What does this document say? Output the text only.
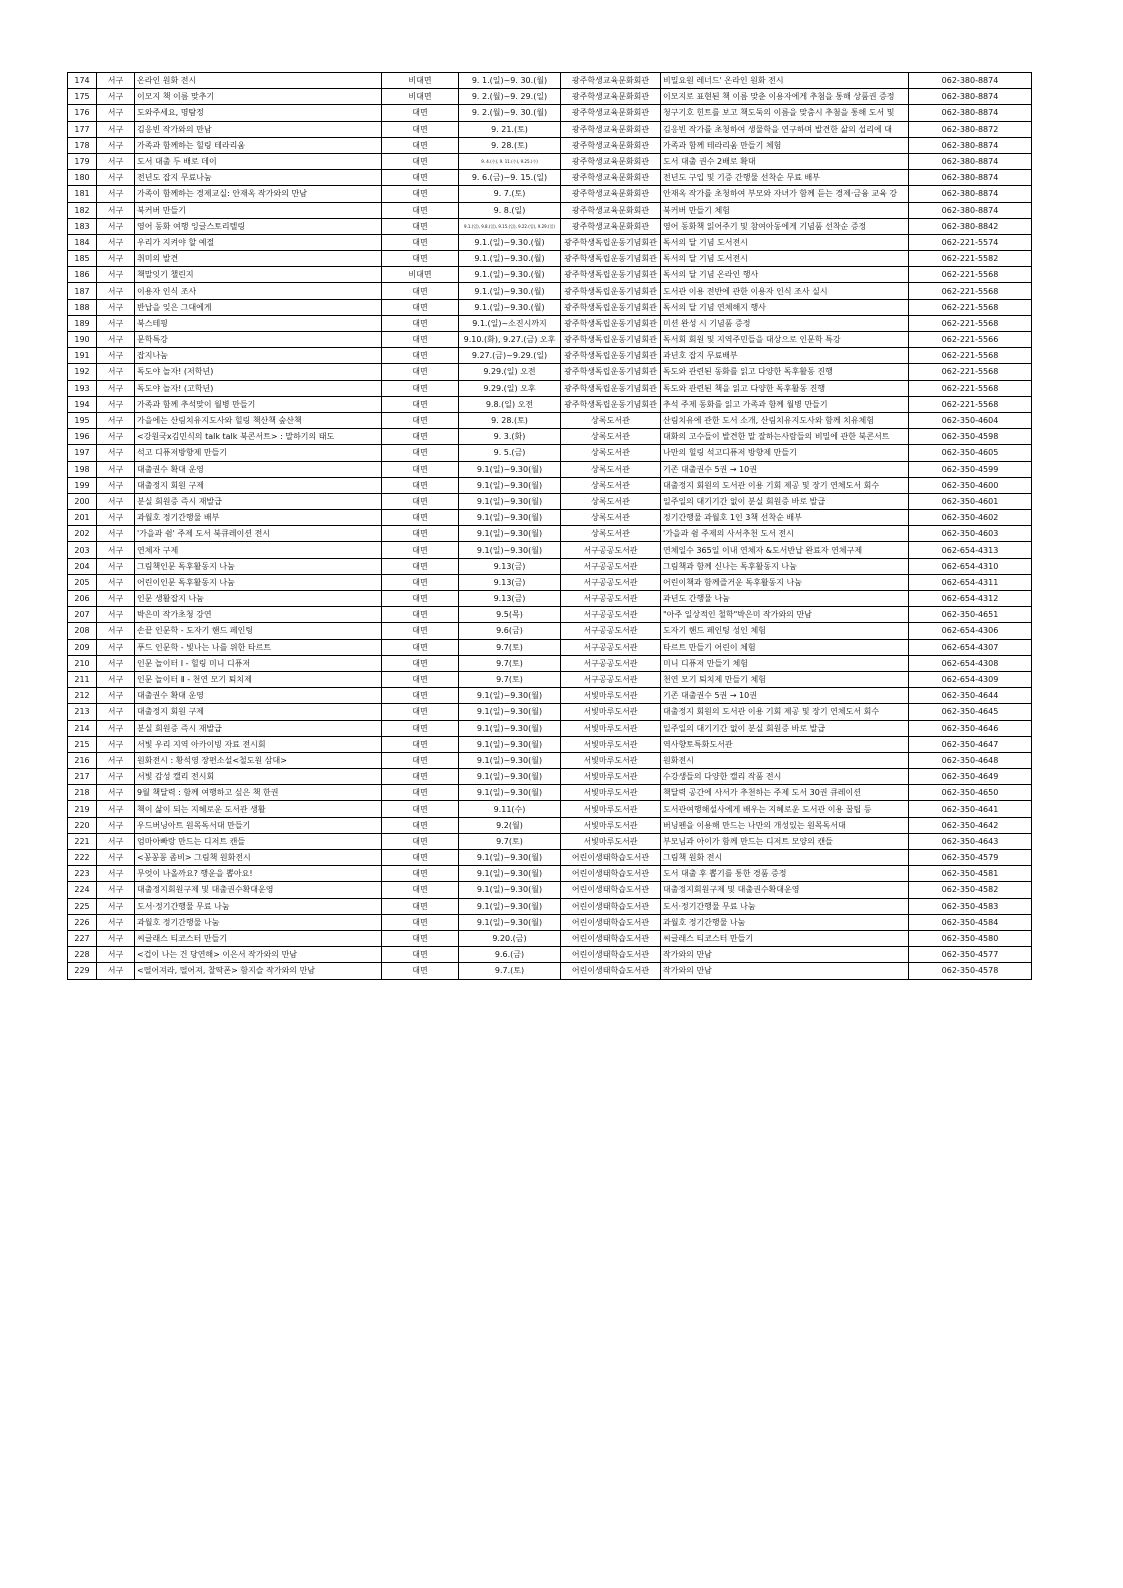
174	서구	온라인 원화 전시	비대면	9. 1.(일)~9. 30.(월)	광주학생교육문화회관	비밀요원 레너드' 온라인 원화 전시	062-380-8874
175	서구	이모지 책 이름 맞추기	비대면	9. 2.(월)~9. 29.(일)	광주학생교육문화회관	이모지로 표현된 책 이름 맞춘 이용자에게 추첨을 통해 상품권 증정	062-380-8874
176	서구	도와주세요, 명탐정	대면	9. 2.(월)~9. 30.(월)	광주학생교육문화회관	청구기호 힌트를 보고 책도둑의 이름을 맞춤시 추첨을 통해 도서 및	062-380-8874
177	서구	김응빈 작가와의 만남	대면	9. 21.(토)	광주학생교육문화회관	김응빈 작가를 초청하여 생물학을 연구하며 발견한 삶의 섭리에 대	062-380-8872
178	서구	가족과 함께하는 힐링 테라리움	대면	9. 28.(토)	광주학생교육문화회관	가족과 함께 테라리움 만들기 체험	062-380-8874
179	서구	도서 대출 두 배로 데이	대면	9. 4.(수), 9. 11.(수), 9.25.(수)	광주학생교육문화회관	도서 대출 권수 2배로 확대	062-380-8874
180	서구	전년도 잡지 무료나눔	대면	9. 6.(금)~9. 15.(일)	광주학생교육문화회관	전년도 구입 및 기증 간행물 선착순 무료 배부	062-380-8874
181	서구	가족이 함께하는 경제교실: 안재옥 작가와의 만남	대면	9. 7.(토)	광주학생교육문화회관	안재옥 작가를 초청하여 부모와 자녀가 함께 듣는 경제·금융 교육 강	062-380-8874
182	서구	북커버 만들기	대면	9. 8.(일)	광주학생교육문화회관	북커버 만들기 체험	062-380-8874
183	서구	영어 동화 여행 잉글스토리텔링	대면	9.1.(일), 9.8.(일), 9.15.(일), 9.22.(일), 9.29.(일)	광주학생교육문화회관	영어 동화책 읽어주기 및 참여아동에게 기념품 선착순 증정	062-380-8842
184	서구	우리가 지켜야 할 예절	대면	9.1.(일)~9.30.(월)	광주학생독립운동기념회관	독서의 달 기념 도서전시	062-221-5574
185	서구	취미의 발견	대면	9.1.(일)~9.30.(월)	광주학생독립운동기념회관	독서의 달 기념 도서전시	062-221-5582
186	서구	책말잇기 챌린지	비대면	9.1.(일)~9.30.(월)	광주학생독립운동기념회관	독서의 달 기념 온라인 행사	062-221-5568
187	서구	이용자 인식 조사	대면	9.1.(일)~9.30.(월)	광주학생독립운동기념회관	도서관 이용 전반에 관한 이용자 인식 조사 실시	062-221-5568
188	서구	반납을 잊은 그대에게	대면	9.1.(일)~9.30.(월)	광주학생독립운동기념회관	독서의 달 기념 연체해지 행사	062-221-5568
189	서구	북스테핑	대면	9.1.(일)~소진시까지	광주학생독립운동기념회관	미션 완성 시 기념품 증정	062-221-5568
190	서구	문학특강	대면	9.10.(화), 9.27.(금) 오후	광주학생독립운동기념회관	독서회 회원 및 지역주민들을 대상으로 인문학 특강	062-221-5566
191	서구	잡지나눔	대면	9.27.(금)~9.29.(일)	광주학생독립운동기념회관	과년호 잡지 무료배부	062-221-5568
192	서구	독도야 놀자! (저학년)	대면	9.29.(일) 오전	광주학생독립운동기념회관	독도와 관련된 동화를 읽고 다양한 독후활동 진행	062-221-5568
193	서구	독도야 놀자! (고학년)	대면	9.29.(일) 오후	광주학생독립운동기념회관	독도와 관련된 책을 읽고 다양한 독후활동 진행	062-221-5568
194	서구	가족과 함께 추석맞이 월병 만들기	대면	9.8.(일) 오전	광주학생독립운동기념회관	추석 주제 동화를 읽고 가족과 함께 월병 만들기	062-221-5568
195	서구	가을에는 산림치유지도사와 힐링 책산책 숲산책	대면	9. 28.(토)	상록도서관	산림치유에 관한 도서 소개, 산림치유지도사와 함께 치유체험	062-350-4604
196	서구	<강원국x김민식의 talk talk 북콘서트> : 말하기의 태도	대면	9. 3.(화)	상록도서관	대화의 고수들이 발견한 말 잘하는사람들의 비밀에 관한 북콘서트	062-350-4598
197	서구	석고 디퓨저방향제 만들기	대면	9. 5.(금)	상록도서관	나만의 힐링 석고디퓨저 방향제 만들기	062-350-4605
198	서구	대출권수 확대 운영	대면	9.1(일)~9.30(월)	상록도서관	기존 대출권수 5권 → 10권	062-350-4599
199	서구	대출정지 회원 구제	대면	9.1(일)~9.30(월)	상록도서관	대출정지 회원의 도서관 이용 기회 제공 및 장기 연체도서 회수	062-350-4600
200	서구	분실 회원증 즉시 재발급	대면	9.1(일)~9.30(월)	상록도서관	일주일의 대기기간 없이 분실 회원증 바로 발급	062-350-4601
201	서구	과월호 정기간행물 배부	대면	9.1(일)~9.30(월)	상록도서관	정기간행물 과월호 1인 3책 선착순 배부	062-350-4602
202	서구	'가을과 쉼' 주제 도서 북큐레이션 전시	대면	9.1(일)~9.30(월)	상록도서관	'가을과 쉼 주제의 사서추천 도서 전시	062-350-4603
203	서구	연체자 구제	대면	9.1(일)~9.30(월)	서구공공도서관	연체일수 365일 이내 연체자 &도서반납 완료자 연체구제	062-654-4313
204	서구	그림책인문 독후활동지 나눔	대면	9.13(금)	서구공공도서관	그림책과 함께 신나는 독후활동지 나눔	062-654-4310
205	서구	어린이인문 독후활동지 나눔	대면	9.13(금)	서구공공도서관	어린이책과 함께즐거운 독후활동지 나눔	062-654-4311
206	서구	인문 생활잡지 나눔	대면	9.13(금)	서구공공도서관	과년도 간행물 나눔	062-654-4312
207	서구	박은미 작가초청 강연	대면	9.5(목)	서구공공도서관	"아주 일상적인 철학"박은미 작가와의 만남	062-350-4651
208	서구	손끝 인문학 - 도자기 핸드 페인팅	대면	9.6(금)	서구공공도서관	도자기 핸드 페인팅 성인 체험	062-654-4306
209	서구	푸드 인문학 - 빛나는 나를 위한 타르트	대면	9.7(토)	서구공공도서관	타르트 만들기 어린이 체험	062-654-4307
210	서구	인문 놀이터 Ⅰ - 힐링 미니 디퓨저	대면	9.7(토)	서구공공도서관	미니 디퓨저 만들기 체험	062-654-4308
211	서구	인문 놀이터 Ⅱ - 천연 모기 퇴치제	대면	9.7(토)	서구공공도서관	천연 모기 퇴치제 만들기 체험	062-654-4309
212	서구	대출권수 확대 운영	대면	9.1(일)~9.30(월)	서빛마루도서관	기존 대출권수 5권 → 10권	062-350-4644
213	서구	대출정지 회원 구제	대면	9.1(일)~9.30(월)	서빛마루도서관	대출정지 회원의 도서관 이용 기회 제공 및 장기 연체도서 회수	062-350-4645
214	서구	분실 회원증 즉시 재발급	대면	9.1(일)~9.30(월)	서빛마루도서관	일주일의 대기기간 없이 분실 회원증 바로 발급	062-350-4646
215	서구	서빛 우리 지역 아카이빙 자료 전시회	대면	9.1(일)~9.30(월)	서빛마루도서관	역사향토특화도서관	062-350-4647
216	서구	원화전시 : 황석영 장편소설<철도원 삼대>	대면	9.1(일)~9.30(월)	서빛마루도서관	원화전시	062-350-4648
217	서구	서빛 감성 캘리 전시회	대면	9.1(일)~9.30(월)	서빛마루도서관	수강생들의 다양한 캘리 작품 전시	062-350-4649
218	서구	9월 책달력 : 함께 여행하고 싶은 책 한권	대면	9.1(일)~9.30(월)	서빛마루도서관	책달력 공간에 사서가 추천하는 주제 도서 30권 큐레이션	062-350-4650
219	서구	책이 삶이 되는 지혜로운 도서관 생활	대면	9.11(수)	서빛마루도서관	도서관여행해설사에게 배우는 지혜로운 도서관 이용 꿀팁 등	062-350-4641
220	서구	우드버닝아트 원목독서대 만들기	대면	9.2(월)	서빛마루도서관	버닝펜을 이용해 만드는 나만의 개성있는 원목독서대	062-350-4642
221	서구	엄마아빠랑 만드는 디저트 캔들	대면	9.7(토)	서빛마루도서관	부모님과 아이가 함께 만드는 디저트 모양의 캔들	062-350-4643
222	서구	<꽁꽁꽁 좀비> 그림책 원화전시	대면	9.1(일)~9.30(월)	어린이생태학습도서관	그림책 원화 전시	062-350-4579
223	서구	무엇이 나올까요? 행운을 뽑아요!	대면	9.1(일)~9.30(월)	어린이생태학습도서관	도서 대출 후 뽑기를 통한 경품 증정	062-350-4581
224	서구	대출정지회원구제 및 대출권수확대운영	대면	9.1(일)~9.30(월)	어린이생태학습도서관	대출정지회원구제 및 대출권수확대운영	062-350-4582
225	서구	도서·정기간행물 무료 나눔	대면	9.1(일)~9.30(월)	어린이생태학습도서관	도서·정기간행물 무료 나눔	062-350-4583
226	서구	과월호 정기간행물 나눔	대면	9.1(일)~9.30(월)	어린이생태학습도서관	과월호 정기간행물 나눔	062-350-4584
227	서구	씨글래스 티코스터 만들기	대면	9.20.(금)	어린이생태학습도서관	씨글래스 티코스터 만들기	062-350-4580
228	서구	<겁이 나는 건 당연해> 이은서 작가와의 만남	대면	9.6.(금)	어린이생태학습도서관	작가와의 만남	062-350-4577
229	서구	<떨어져라, 떨어져, 찰딱폰> 함지슬 작가와의 만남	대면	9.7.(토)	어린이생태학습도서관	작가와의 만남	062-350-4578
